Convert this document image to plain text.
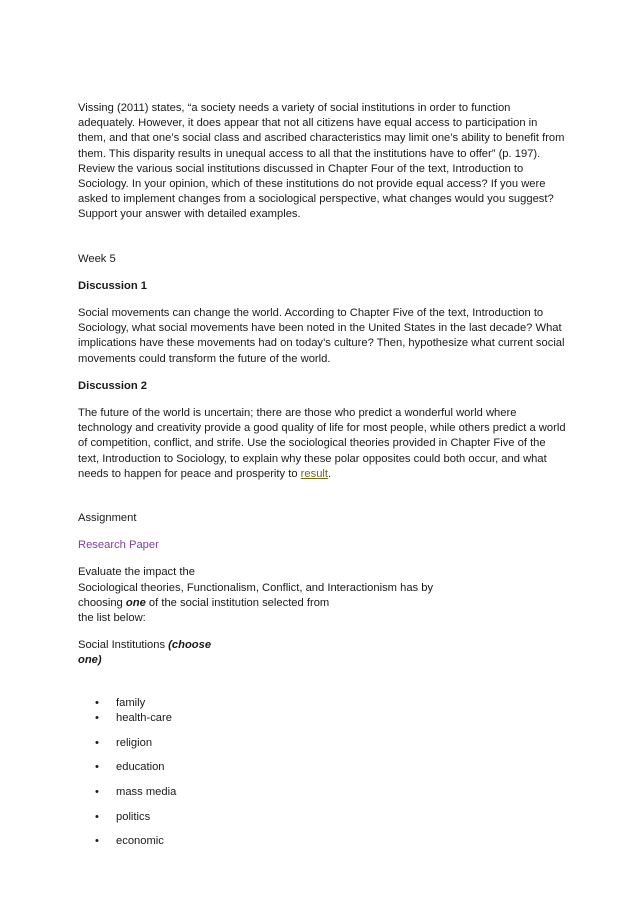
Vissing (2011) states, “a society needs a variety of social institutions in order to function adequately. However, it does appear that not all citizens have equal access to participation in them, and that one’s social class and ascribed characteristics may limit one’s ability to benefit from them. This disparity results in unequal access to all that the institutions have to offer” (p. 197). Review the various social institutions discussed in Chapter Four of the text, Introduction to Sociology. In your opinion, which of these institutions do not provide equal access? If you were asked to implement changes from a sociological perspective, what changes would you suggest? Support your answer with detailed examples.

Week 5

Discussion 1

Social movements can change the world. According to Chapter Five of the text, Introduction to Sociology, what social movements have been noted in the United States in the last decade? What implications have these movements had on today’s culture? Then, hypothesize what current social movements could transform the future of the world.

Discussion 2

The future of the world is uncertain; there are those who predict a wonderful world where technology and creativity provide a good quality of life for most people, while others predict a world of competition, conflict, and strife. Use the sociological theories provided in Chapter Five of the text, Introduction to Sociology, to explain why these polar opposites could both occur, and what needs to happen for peace and prosperity to result.

Assignment

Research Paper

Evaluate the impact the
Sociological theories, Functionalism, Conflict, and Interactionism has by
choosing one of the social institution selected from
the list below:

Social Institutions (choose
one)

• family
• health-care
• religion
• education
• mass media
• politics
• economic
